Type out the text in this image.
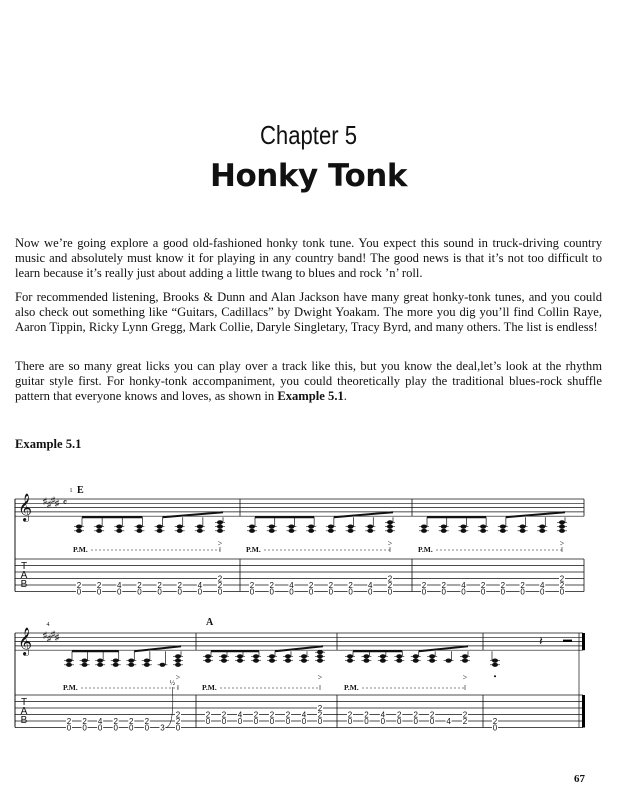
Chapter 5
Honky Tonk

Now we’re going explore a good old-fashioned honky tonk tune. You expect this sound in truck-driving country music and absolutely must know it for playing in any country band! The good news is that it’s not too difficult to learn because it’s really just about adding a little twang to blues and rock ’n’ roll.

For recommended listening, Brooks & Dunn and Alan Jackson have many great honky-tonk tunes, and you could also check out something like “Guitars, Cadillacs” by Dwight Yoakam. The more you dig you’ll find Collin Raye, Aaron Tippin, Ricky Lynn Gregg, Mark Collie, Daryle Singletary, Tracy Byrd, and many others. The list is endless!

There are so many great licks you can play over a track like this, but you know the deal,let’s look at the rhythm guitar style first. For honky-tonk accompaniment, you could theoretically play the traditional blues-rock shuffle pattern that everyone knows and loves, as shown in Example 5.1.

Example 5.1
𝄞 ♯ ♯ ♯ ♯ 𝄴
1
T
A
B
E
P.M.
2
0
2
0
4
0
2
0
2
0
2
0
4
0
2
2
0
>
P.M.
2
0
2
0
4
0
2
0
2
0
2
0
4
0
2
2
0
>
P.M.
2
0
2
0
4
0
2
0
2
0
2
0
4
0
2
2
0
>
𝄞 ♯ ♯ ♯ ♯
4
T
A
B
P.M.
2
0
2
0
4
0
2
0
2
0
2
0 3
2
2
0
>
½
A
P.M.
2
0
2
0
4
0
2
0
2
0
2
0
4
0
2
2
0
>
P.M.
2
0
2
0
4
0
2
0
2
0
2
0 4
2
2
>
2
0
𝄽
67
